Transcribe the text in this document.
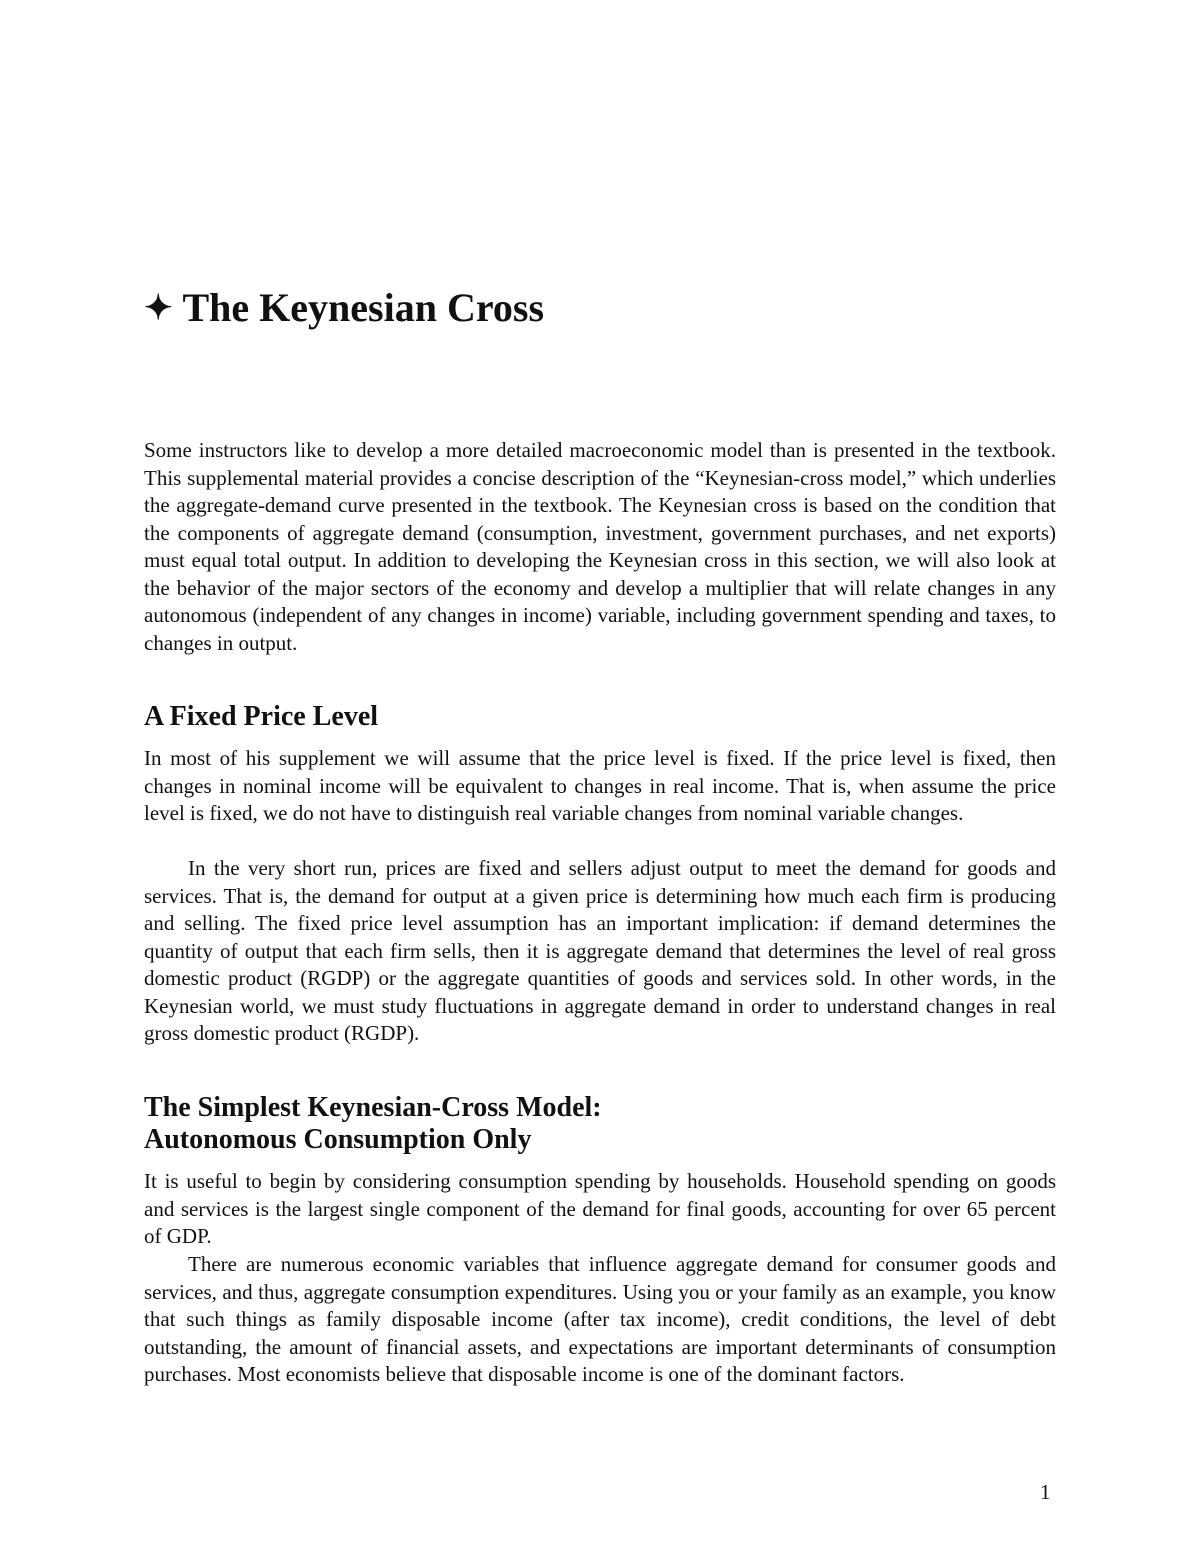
✦ The Keynesian Cross

Some instructors like to develop a more detailed macroeconomic model than is presented in the textbook. This supplemental material provides a concise description of the “Keynesian-cross model,” which underlies the aggregate-demand curve presented in the textbook. The Keynesian cross is based on the condition that the components of aggregate demand (consumption, investment, government purchases, and net exports) must equal total output. In addition to developing the Keynesian cross in this section, we will also look at the behavior of the major sectors of the economy and develop a multiplier that will relate changes in any autonomous (independent of any changes in income) variable, including government spending and taxes, to changes in output.

A Fixed Price Level

In most of his supplement we will assume that the price level is fixed. If the price level is fixed, then changes in nominal income will be equivalent to changes in real income. That is, when assume the price level is fixed, we do not have to distinguish real variable changes from nominal variable changes.

In the very short run, prices are fixed and sellers adjust output to meet the demand for goods and services. That is, the demand for output at a given price is determining how much each firm is producing and selling. The fixed price level assumption has an important implication: if demand determines the quantity of output that each firm sells, then it is aggregate demand that determines the level of real gross domestic product (RGDP) or the aggregate quantities of goods and services sold. In other words, in the Keynesian world, we must study fluctuations in aggregate demand in order to understand changes in real gross domestic product (RGDP).

The Simplest Keynesian-Cross Model:
Autonomous Consumption Only

It is useful to begin by considering consumption spending by households. Household spending on goods and services is the largest single component of the demand for final goods, accounting for over 65 percent of GDP.

There are numerous economic variables that influence aggregate demand for consumer goods and services, and thus, aggregate consumption expenditures. Using you or your family as an example, you know that such things as family disposable income (after tax income), credit conditions, the level of debt outstanding, the amount of financial assets, and expectations are important determinants of consumption purchases. Most economists believe that disposable income is one of the dominant factors.

1
